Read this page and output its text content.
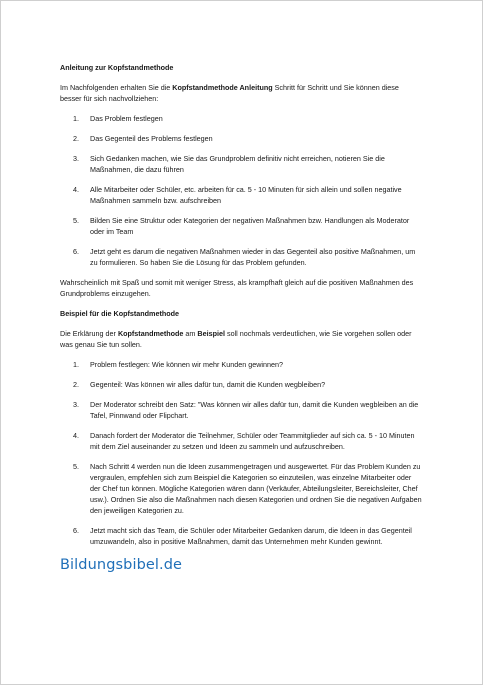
Anleitung zur Kopfstandmethode

Im Nachfolgenden erhalten Sie die Kopfstandmethode Anleitung Schritt für Schritt und Sie können diese besser für sich nachvollziehen:

1. Das Problem festlegen
2. Das Gegenteil des Problems festlegen
3. Sich Gedanken machen, wie Sie das Grundproblem definitiv nicht erreichen, notieren Sie die Maßnahmen, die dazu führen
4. Alle Mitarbeiter oder Schüler, etc. arbeiten für ca. 5 - 10 Minuten für sich allein und sollen negative Maßnahmen sammeln bzw. aufschreiben
5. Bilden Sie eine Struktur oder Kategorien der negativen Maßnahmen bzw. Handlungen als Moderator oder im Team
6. Jetzt geht es darum die negativen Maßnahmen wieder in das Gegenteil also positive Maßnahmen, um zu formulieren. So haben Sie die Lösung für das Problem gefunden.

Wahrscheinlich mit Spaß und somit mit weniger Stress, als krampfhaft gleich auf die positiven Maßnahmen des Grundproblems einzugehen.

Beispiel für die Kopfstandmethode

Die Erklärung der Kopfstandmethode am Beispiel soll nochmals verdeutlichen, wie Sie vorgehen sollen oder was genau Sie tun sollen.

1. Problem festlegen: Wie können wir mehr Kunden gewinnen?
2. Gegenteil: Was können wir alles dafür tun, damit die Kunden wegbleiben?
3. Der Moderator schreibt den Satz: "Was können wir alles dafür tun, damit die Kunden wegbleiben an die Tafel, Pinnwand oder Flipchart.
4. Danach fordert der Moderator die Teilnehmer, Schüler oder Teammitglieder auf sich ca. 5 - 10 Minuten mit dem Ziel auseinander zu setzen und Ideen zu sammeln und aufzuschreiben.
5. Nach Schritt 4 werden nun die Ideen zusammengetragen und ausgewertet. Für das Problem Kunden zu vergraulen, empfehlen sich zum Beispiel die Kategorien so einzuteilen, was einzelne Mitarbeiter oder der Chef tun können. Mögliche Kategorien wären dann (Verkäufer, Abteilungsleiter, Bereichsleiter, Chef usw.). Ordnen Sie also die Maßnahmen nach diesen Kategorien und ordnen Sie die negativen Aufgaben den jeweiligen Kategorien zu.
6. Jetzt macht sich das Team, die Schüler oder Mitarbeiter Gedanken darum, die Ideen in das Gegenteil umzuwandeln, also in positive Maßnahmen, damit das Unternehmen mehr Kunden gewinnt.
Bildungsbibel.de
